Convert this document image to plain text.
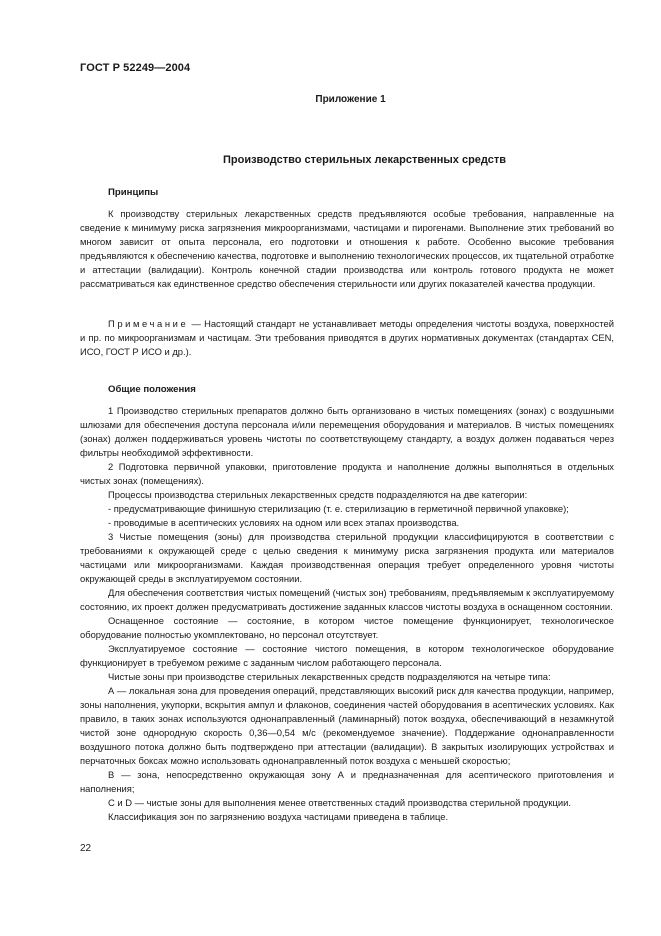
ГОСТ Р 52249—2004
Приложение 1
Производство стерильных лекарственных средств
Принципы

К производству стерильных лекарственных средств предъявляются особые требования, направленные на сведение к минимуму риска загрязнения микроорганизмами, частицами и пирогенами. Выполнение этих требований во многом зависит от опыта персонала, его подготовки и отношения к работе. Особенно высокие требования предъявляются к обеспечению качества, подготовке и выполнению технологических процессов, их тщательной отработке и аттестации (валидации). Контроль конечной стадии производства или контроль готового продукта не может рассматриваться как единственное средство обеспечения стерильности или других показателей качества продукции.

Примечание — Настоящий стандарт не устанавливает методы определения чистоты воздуха, поверхностей и пр. по микроорганизмам и частицам. Эти требования приводятся в других нормативных документах (стандартах CEN, ИСО, ГОСТ Р ИСО и др.).

Общие положения

1 Производство стерильных препаратов должно быть организовано в чистых помещениях (зонах) с воздушными шлюзами для обеспечения доступа персонала и/или перемещения оборудования и материалов. В чистых помещениях (зонах) должен поддерживаться уровень чистоты по соответствующему стандарту, а воздух должен подаваться через фильтры необходимой эффективности.

2 Подготовка первичной упаковки, приготовление продукта и наполнение должны выполняться в отдельных чистых зонах (помещениях).

Процессы производства стерильных лекарственных средств подразделяются на две категории:

- предусматривающие финишную стерилизацию (т. е. стерилизацию в герметичной первичной упаковке);

- проводимые в асептических условиях на одном или всех этапах производства.

3 Чистые помещения (зоны) для производства стерильной продукции классифицируются в соответствии с требованиями к окружающей среде с целью сведения к минимуму риска загрязнения продукта или материалов частицами или микроорганизмами. Каждая производственная операция требует определенного уровня чистоты окружающей среды в эксплуатируемом состоянии.

Для обеспечения соответствия чистых помещений (чистых зон) требованиям, предъявляемым к эксплуатируемому состоянию, их проект должен предусматривать достижение заданных классов чистоты воздуха в оснащенном состоянии.

Оснащенное состояние — состояние, в котором чистое помещение функционирует, технологическое оборудование полностью укомплектовано, но персонал отсутствует.

Эксплуатируемое состояние — состояние чистого помещения, в котором технологическое оборудование функционирует в требуемом режиме с заданным числом работающего персонала.

Чистые зоны при производстве стерильных лекарственных средств подразделяются на четыре типа:

А — локальная зона для проведения операций, представляющих высокий риск для качества продукции, например, зоны наполнения, укупорки, вскрытия ампул и флаконов, соединения частей оборудования в асептических условиях. Как правило, в таких зонах используются однонаправленный (ламинарный) поток воздуха, обеспечивающий в незамкнутой чистой зоне однородную скорость 0,36—0,54 м/с (рекомендуемое значение). Поддержание однонаправленности воздушного потока должно быть подтверждено при аттестации (валидации). В закрытых изолирующих устройствах и перчаточных боксах можно использовать однонаправленный поток воздуха с меньшей скоростью;

В — зона, непосредственно окружающая зону А и предназначенная для асептического приготовления и наполнения;

С и D — чистые зоны для выполнения менее ответственных стадий производства стерильной продукции.

Классификация зон по загрязнению воздуха частицами приведена в таблице.

22
